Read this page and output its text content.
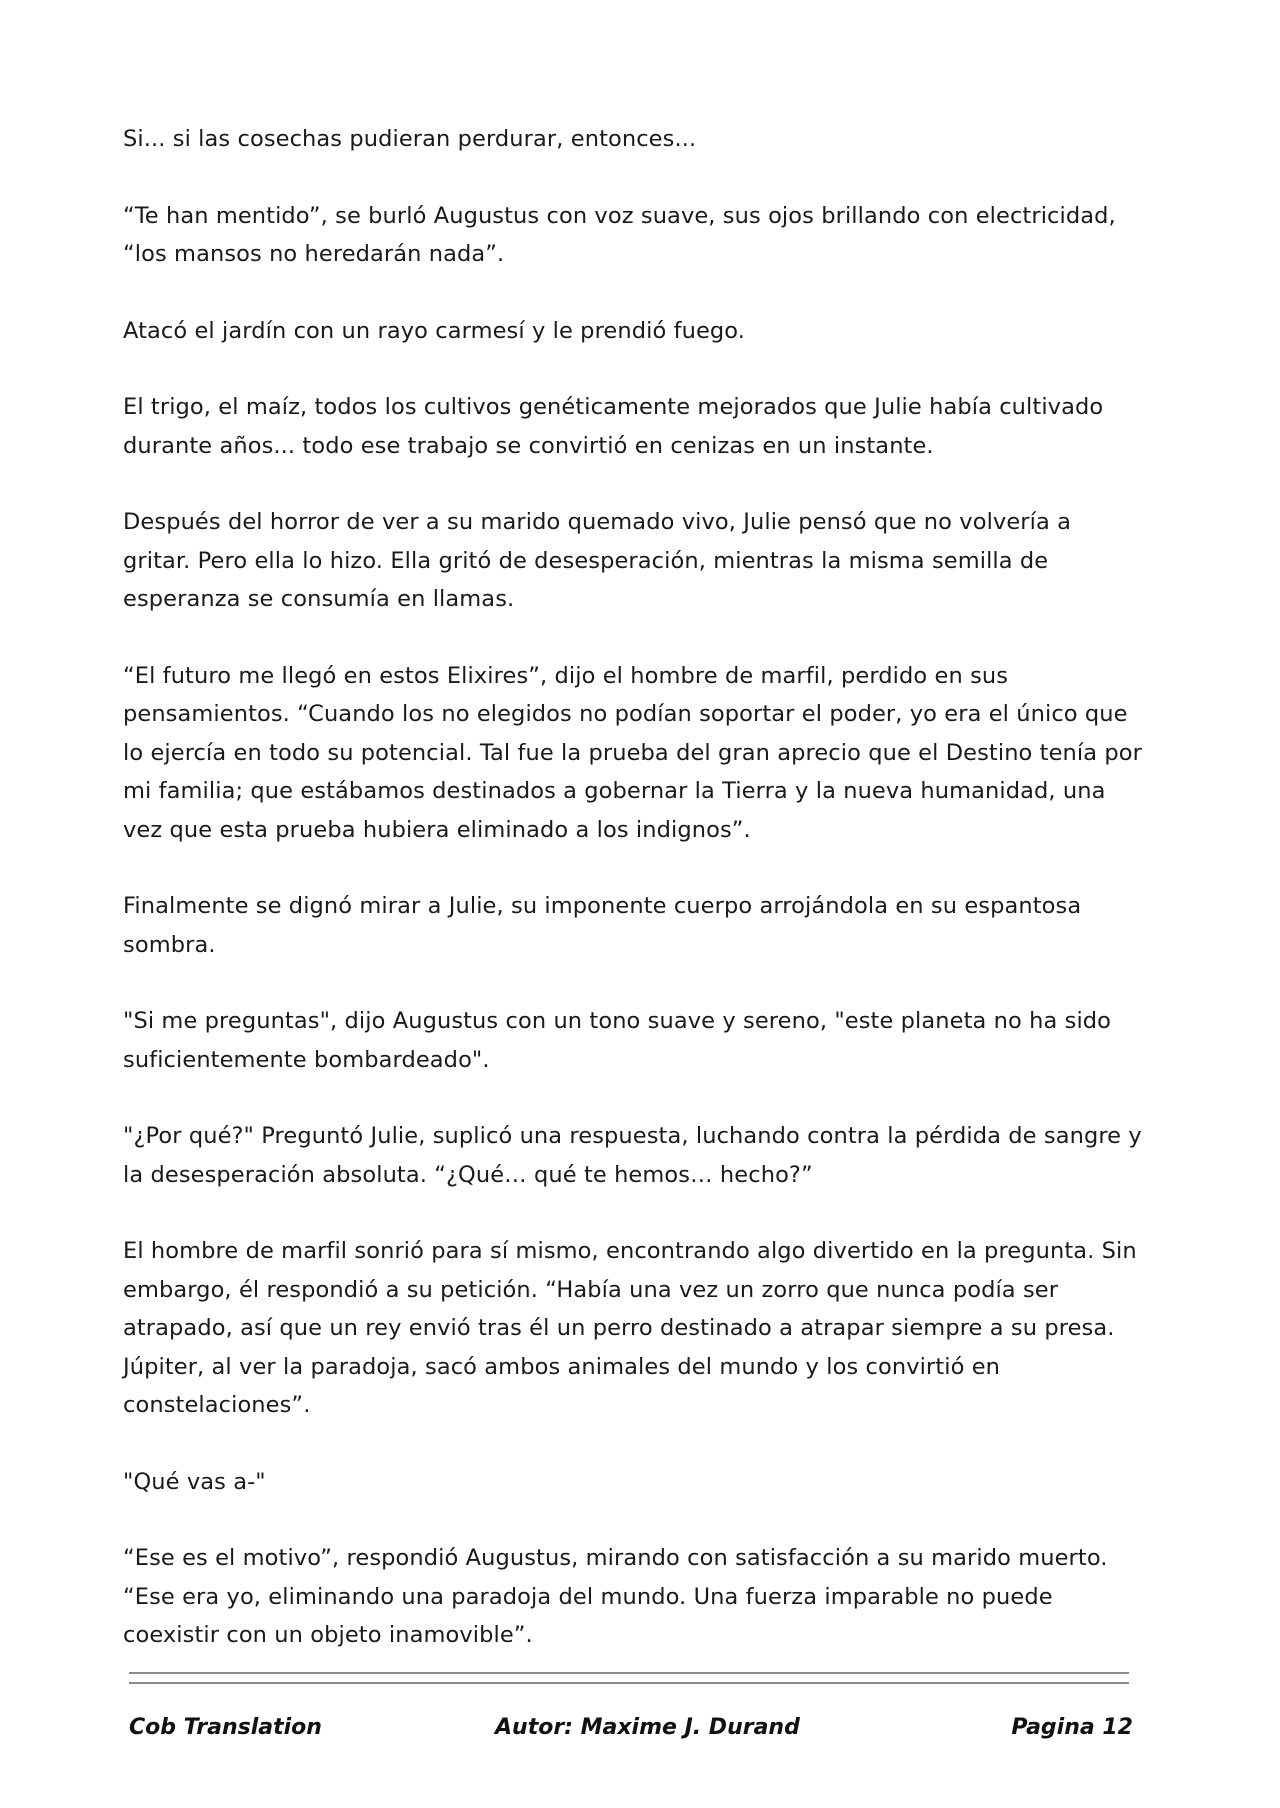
Si... si las cosechas pudieran perdurar, entonces...

“Te han mentido”, se burló Augustus con voz suave, sus ojos brillando con electricidad, “los mansos no heredarán nada”.

Atacó el jardín con un rayo carmesí y le prendió fuego.

El trigo, el maíz, todos los cultivos genéticamente mejorados que Julie había cultivado durante años... todo ese trabajo se convirtió en cenizas en un instante.

Después del horror de ver a su marido quemado vivo, Julie pensó que no volvería a gritar. Pero ella lo hizo. Ella gritó de desesperación, mientras la misma semilla de esperanza se consumía en llamas.

“El futuro me llegó en estos Elixires”, dijo el hombre de marfil, perdido en sus pensamientos. “Cuando los no elegidos no podían soportar el poder, yo era el único que lo ejercía en todo su potencial. Tal fue la prueba del gran aprecio que el Destino tenía por mi familia; que estábamos destinados a gobernar la Tierra y la nueva humanidad, una vez que esta prueba hubiera eliminado a los indignos”.

Finalmente se dignó mirar a Julie, su imponente cuerpo arrojándola en su espantosa sombra.

"Si me preguntas", dijo Augustus con un tono suave y sereno, "este planeta no ha sido suficientemente bombardeado".

"¿Por qué?" Preguntó Julie, suplicó una respuesta, luchando contra la pérdida de sangre y la desesperación absoluta. “¿Qué… qué te hemos… hecho?”

El hombre de marfil sonrió para sí mismo, encontrando algo divertido en la pregunta. Sin embargo, él respondió a su petición. “Había una vez un zorro que nunca podía ser atrapado, así que un rey envió tras él un perro destinado a atrapar siempre a su presa. Júpiter, al ver la paradoja, sacó ambos animales del mundo y los convirtió en constelaciones”.

"Qué vas a-"

“Ese es el motivo”, respondió Augustus, mirando con satisfacción a su marido muerto. “Ese era yo, eliminando una paradoja del mundo. Una fuerza imparable no puede coexistir con un objeto inamovible”.

Cob Translation	Autor: Maxime J. Durand	Pagina 12
